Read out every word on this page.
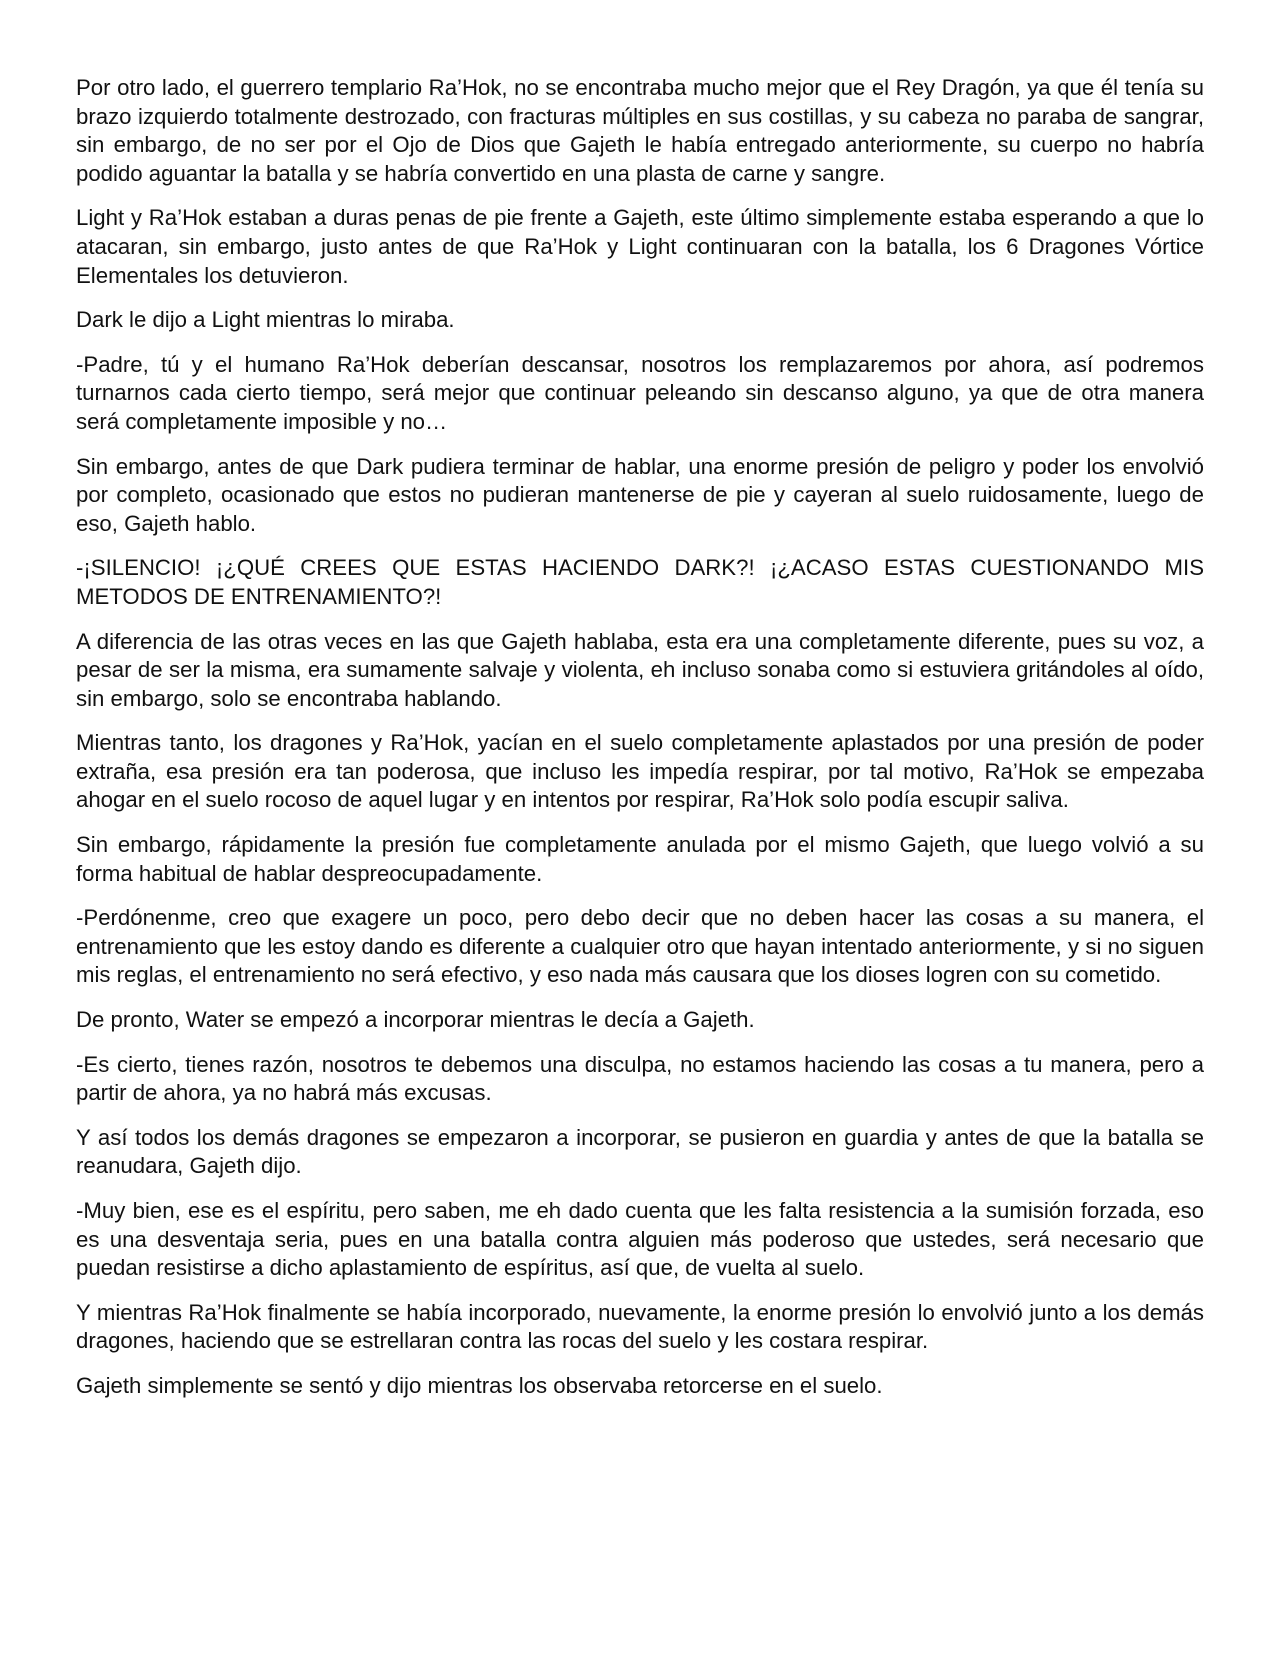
Por otro lado, el guerrero templario Ra’Hok, no se encontraba mucho mejor que el Rey Dragón, ya que él tenía su brazo izquierdo totalmente destrozado, con fracturas múltiples en sus costillas, y su cabeza no paraba de sangrar, sin embargo, de no ser por el Ojo de Dios que Gajeth le había entregado anteriormente, su cuerpo no habría podido aguantar la batalla y se habría convertido en una plasta de carne y sangre.

Light y Ra’Hok estaban a duras penas de pie frente a Gajeth, este último simplemente estaba esperando a que lo atacaran, sin embargo, justo antes de que Ra’Hok y Light continuaran con la batalla, los 6 Dragones Vórtice Elementales los detuvieron.

Dark le dijo a Light mientras lo miraba.

-Padre, tú y el humano Ra’Hok deberían descansar, nosotros los remplazaremos por ahora, así podremos turnarnos cada cierto tiempo, será mejor que continuar peleando sin descanso alguno, ya que de otra manera será completamente imposible y no…

Sin embargo, antes de que Dark pudiera terminar de hablar, una enorme presión de peligro y poder los envolvió por completo, ocasionado que estos no pudieran mantenerse de pie y cayeran al suelo ruidosamente, luego de eso, Gajeth hablo.

-¡SILENCIO! ¡¿QUÉ CREES QUE ESTAS HACIENDO DARK?! ¡¿ACASO ESTAS CUESTIONANDO MIS METODOS DE ENTRENAMIENTO?!

A diferencia de las otras veces en las que Gajeth hablaba, esta era una completamente diferente, pues su voz, a pesar de ser la misma, era sumamente salvaje y violenta, eh incluso sonaba como si estuviera gritándoles al oído, sin embargo, solo se encontraba hablando.

Mientras tanto, los dragones y Ra’Hok, yacían en el suelo completamente aplastados por una presión de poder extraña, esa presión era tan poderosa, que incluso les impedía respirar, por tal motivo, Ra’Hok se empezaba ahogar en el suelo rocoso de aquel lugar y en intentos por respirar, Ra’Hok solo podía escupir saliva.

Sin embargo, rápidamente la presión fue completamente anulada por el mismo Gajeth, que luego volvió a su forma habitual de hablar despreocupadamente.

-Perdónenme, creo que exagere un poco, pero debo decir que no deben hacer las cosas a su manera, el entrenamiento que les estoy dando es diferente a cualquier otro que hayan intentado anteriormente, y si no siguen mis reglas, el entrenamiento no será efectivo, y eso nada más causara que los dioses logren con su cometido.

De pronto, Water se empezó a incorporar mientras le decía a Gajeth.

-Es cierto, tienes razón, nosotros te debemos una disculpa, no estamos haciendo las cosas a tu manera, pero a partir de ahora, ya no habrá más excusas.

Y así todos los demás dragones se empezaron a incorporar, se pusieron en guardia y antes de que la batalla se reanudara, Gajeth dijo.

-Muy bien, ese es el espíritu, pero saben, me eh dado cuenta que les falta resistencia a la sumisión forzada, eso es una desventaja seria, pues en una batalla contra alguien más poderoso que ustedes, será necesario que puedan resistirse a dicho aplastamiento de espíritus, así que, de vuelta al suelo.

Y mientras Ra’Hok finalmente se había incorporado, nuevamente, la enorme presión lo envolvió junto a los demás dragones, haciendo que se estrellaran contra las rocas del suelo y les costara respirar.

Gajeth simplemente se sentó y dijo mientras los observaba retorcerse en el suelo.
